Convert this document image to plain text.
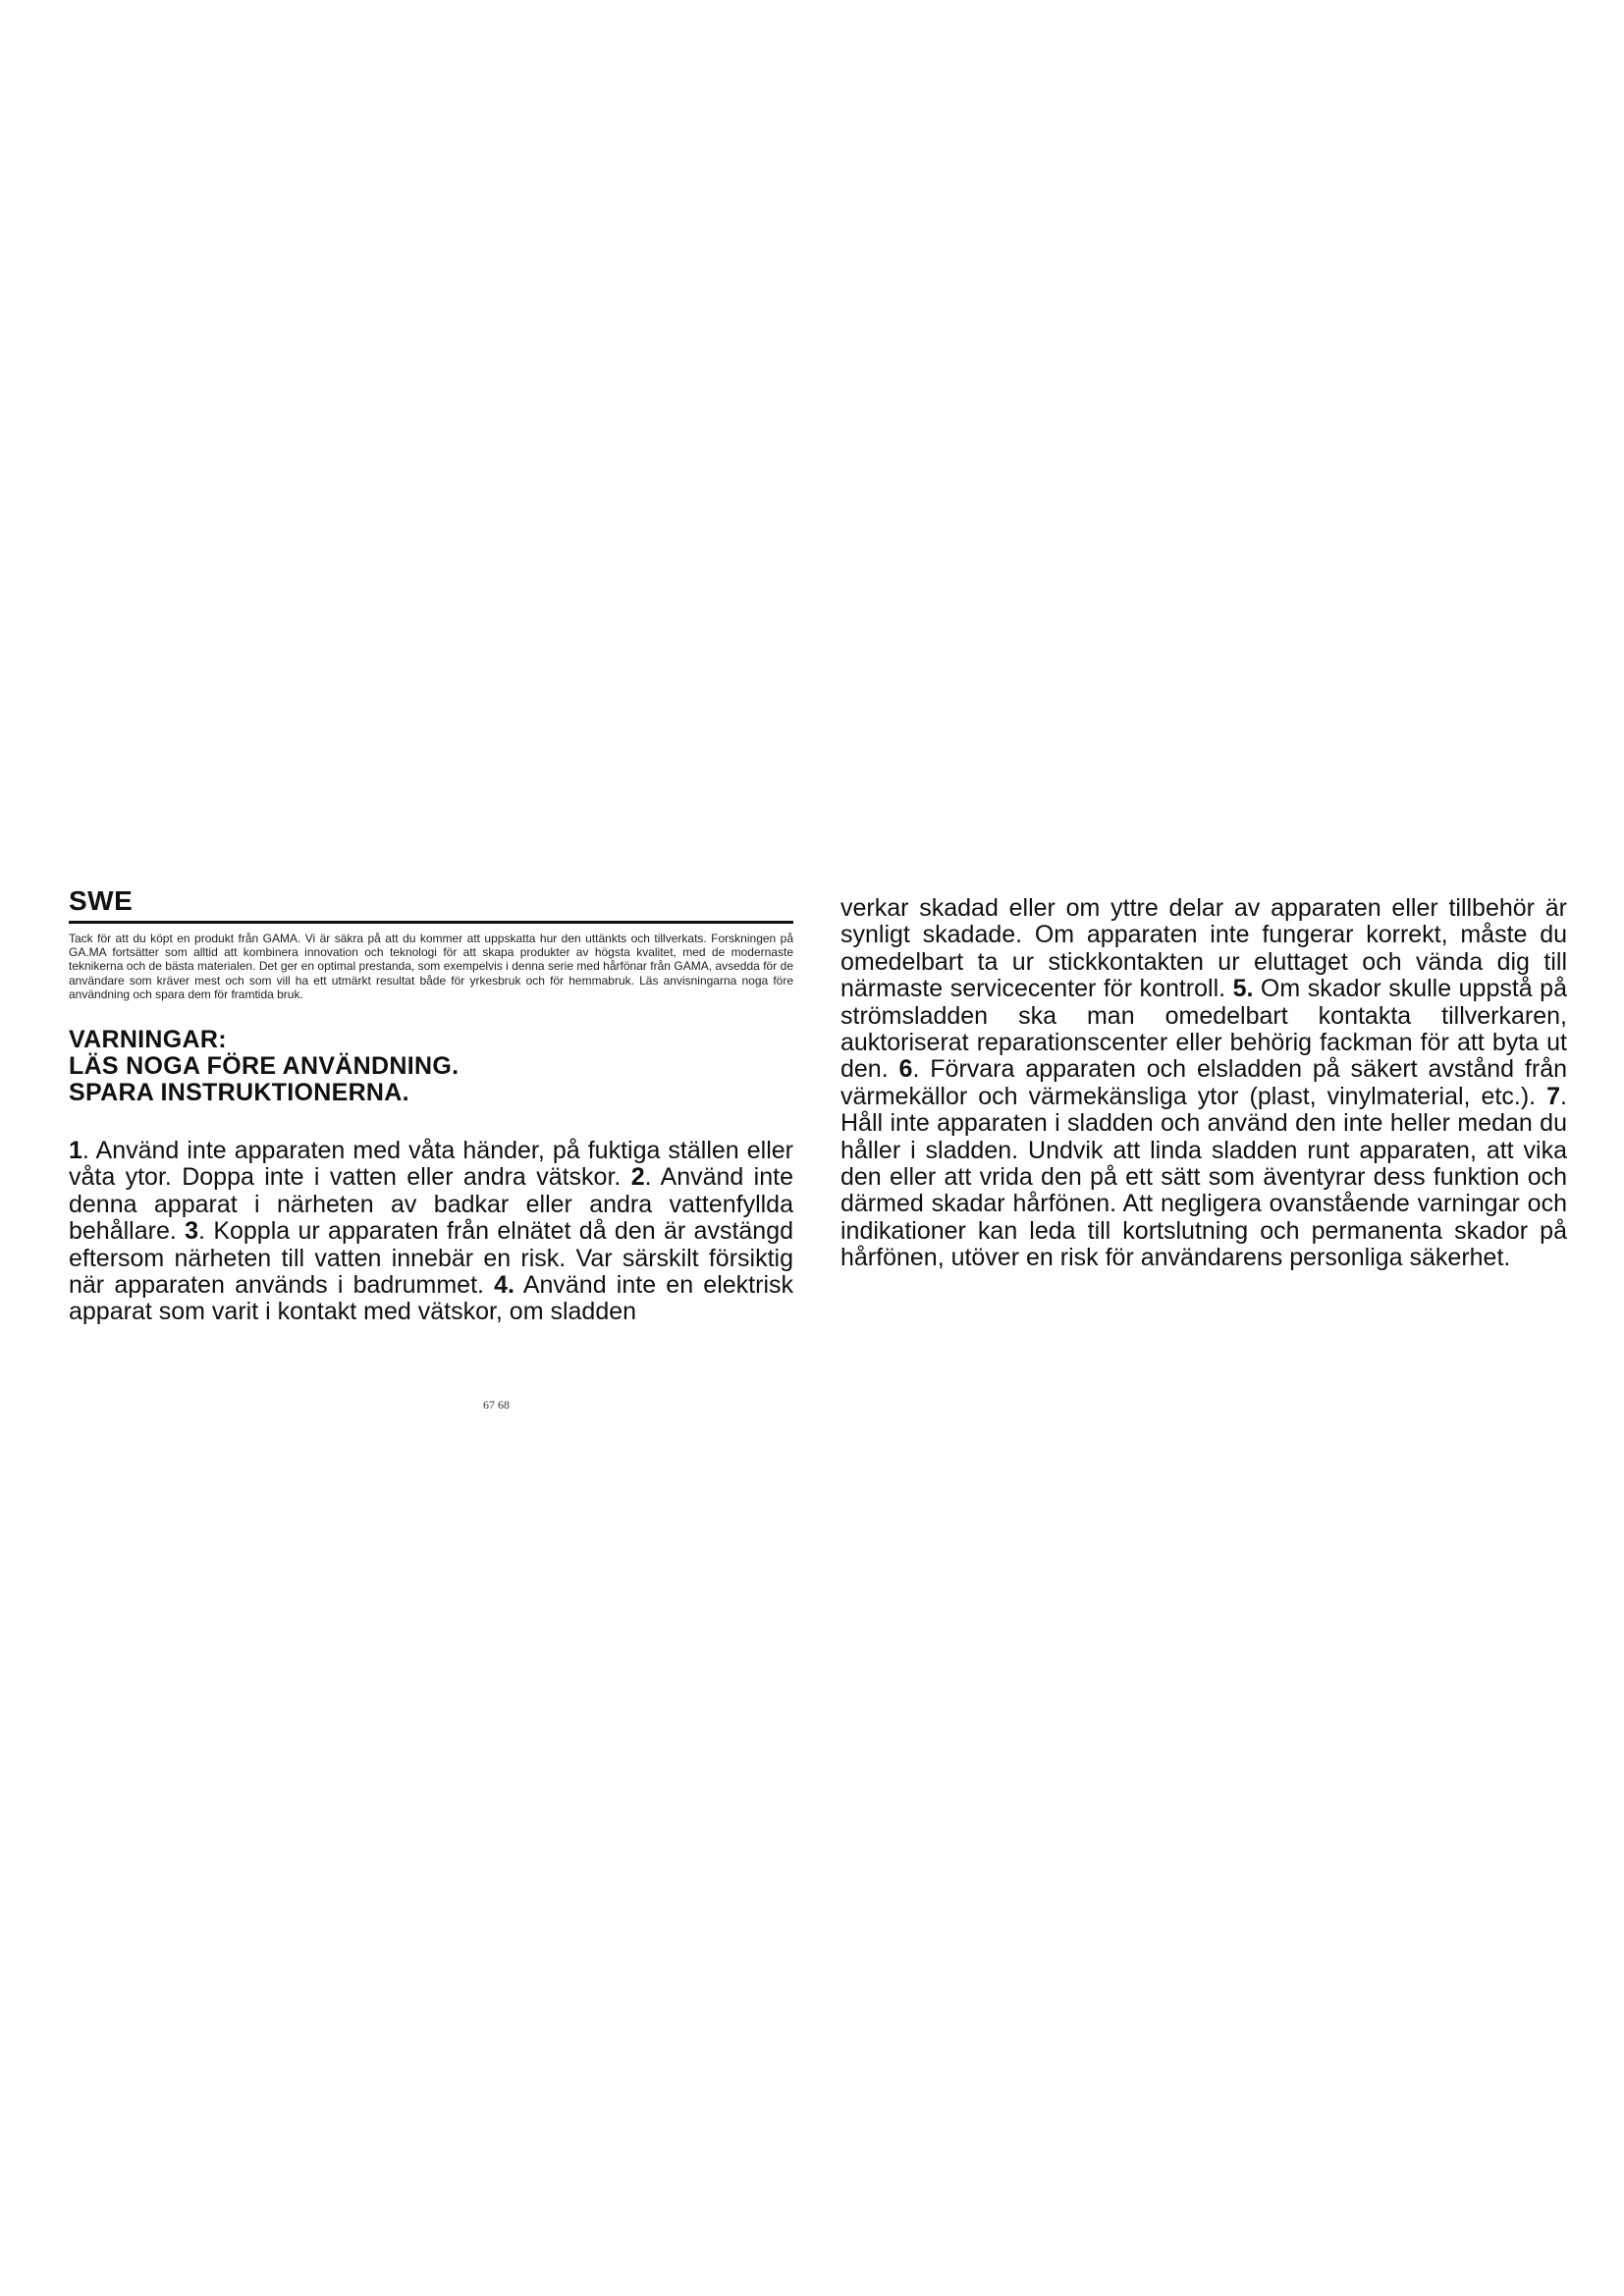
SWE

Tack för att du köpt en produkt från GAMA. Vi är säkra på att du kommer att uppskatta hur den uttänkts och tillverkats. Forskningen på GA.MA fortsätter som alltid att kombinera innovation och teknologi för att skapa produkter av högsta kvalitet, med de modernaste teknikerna och de bästa materialen. Det ger en optimal prestanda, som exempelvis i denna serie med hårfönar från GAMA, avsedda för de användare som kräver mest och som vill ha ett utmärkt resultat både för yrkesbruk och för hemmabruk. Läs anvisningarna noga före användning och spara dem för framtida bruk.

VARNINGAR:
LÄS NOGA FÖRE ANVÄNDNING.
SPARA INSTRUKTIONERNA.

1. Använd inte apparaten med våta händer, på fuktiga ställen eller våta ytor. Doppa inte i vatten eller andra vätskor. 2. Använd inte denna apparat i närheten av badkar eller andra vattenfyllda behållare. 3. Koppla ur apparaten från elnätet då den är avstängd eftersom närheten till vatten innebär en risk. Var särskilt försiktig när apparaten används i badrummet. 4. Använd inte en elektrisk apparat som varit i kontakt med vätskor, om sladden

67 68

verkar skadad eller om yttre delar av apparaten eller tillbehör är synligt skadade. Om apparaten inte fungerar korrekt, måste du omedelbart ta ur stickkontakten ur eluttaget och vända dig till närmaste servicecenter för kontroll. 5. Om skador skulle uppstå på strömsladden ska man omedelbart kontakta tillverkaren, auktoriserat reparationscenter eller behörig fackman för att byta ut den. 6. Förvara apparaten och elsladden på säkert avstånd från värmekällor och värmekänsliga ytor (plast, vinylmaterial, etc.). 7. Håll inte apparaten i sladden och använd den inte heller medan du håller i sladden. Undvik att linda sladden runt apparaten, att vika den eller att vrida den på ett sätt som äventyrar dess funktion och därmed skadar hårfönen. Att negligera ovanstående varningar och indikationer kan leda till kortslutning och permanenta skador på hårfönen, utöver en risk för användarens personliga säkerhet.
